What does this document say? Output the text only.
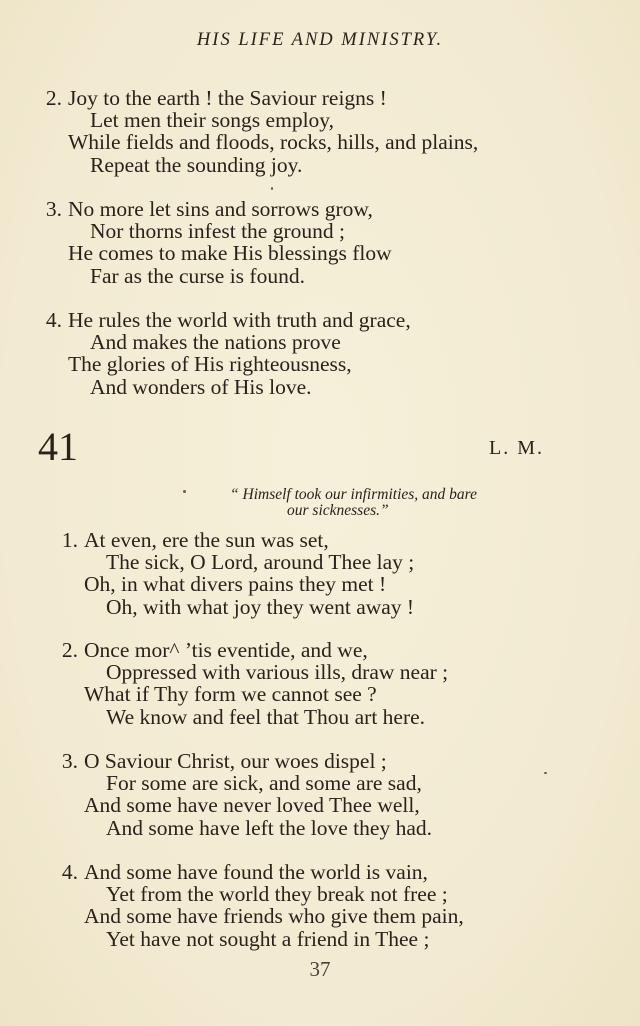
HIS LIFE AND MINISTRY.
2. Joy to the earth ! the Saviour reigns !
Let men their songs employ,
While fields and floods, rocks, hills, and plains,
Repeat the sounding joy.
3. No more let sins and sorrows grow,
Nor thorns infest the ground ;
He comes to make His blessings flow
Far as the curse is found.
4. He rules the world with truth and grace,
And makes the nations prove
The glories of His righteousness,
And wonders of His love.
41	L. M.
“ Himself took our infirmities, and bare
our sicknesses.”
1. At even, ere the sun was set,
The sick, O Lord, around Thee lay ;
Oh, in what divers pains they met !
Oh, with what joy they went away !
2. Once mor^ ’tis eventide, and we,
Oppressed with various ills, draw near ;
What if Thy form we cannot see ?
We know and feel that Thou art here.
3. O Saviour Christ, our woes dispel ;
For some are sick, and some are sad,
And some have never loved Thee well,
And some have left the love they had.
4. And some have found the world is vain,
Yet from the world they break not free ;
And some have friends who give them pain,
Yet have not sought a friend in Thee ;
37
